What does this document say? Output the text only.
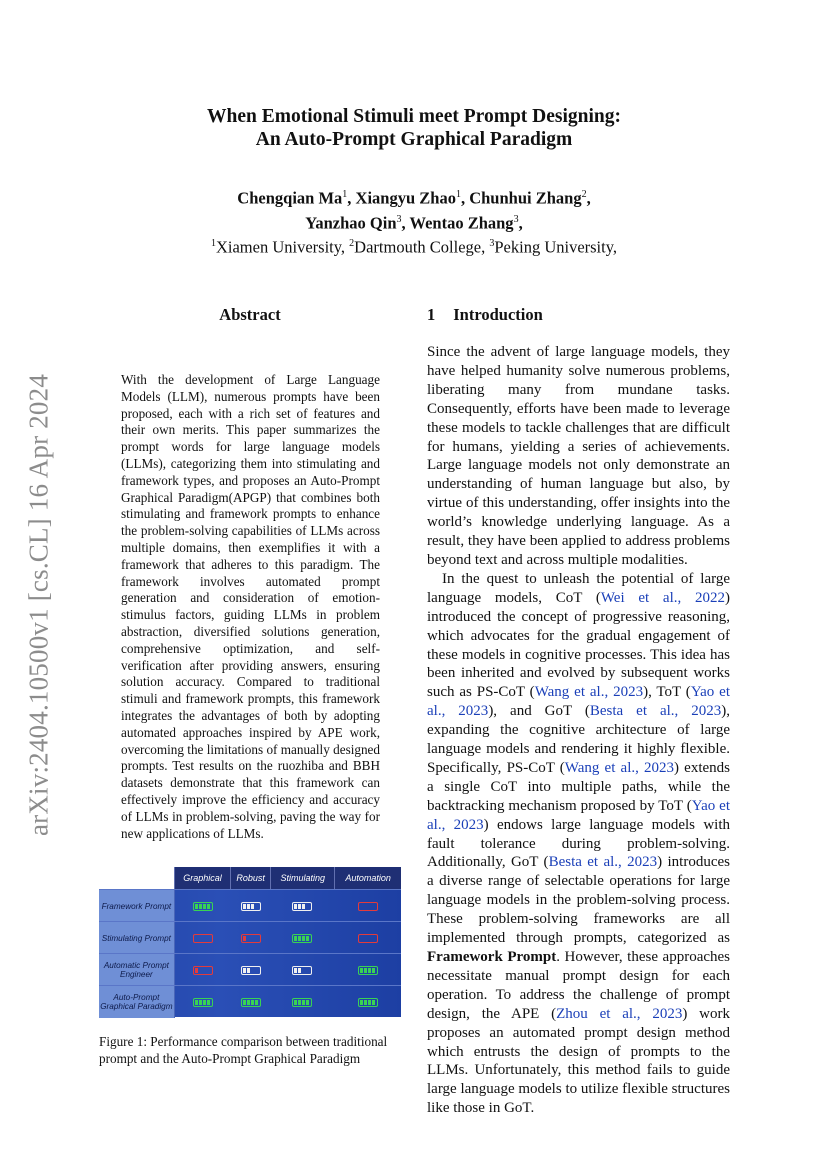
arXiv:2404.10500v1 [cs.CL] 16 Apr 2024
When Emotional Stimuli meet Prompt Designing:
An Auto-Prompt Graphical Paradigm
Chengqian Ma$^1$, Xiangyu Zhao$^1$, Chunhui Zhang$^2$,
Yanzhao Qin$^3$, Wentao Zhang$^3$,
$^1$Xiamen University, $^2$Dartmouth College, $^3$Peking University,
Abstract
With the development of Large Language Models (LLM), numerous prompts have been proposed, each with a rich set of features and their own merits. This paper summarizes the prompt words for large language models (LLMs), categorizing them into stimulating and framework types, and proposes an Auto-Prompt Graphical Paradigm(APGP) that combines both stimulating and framework prompts to enhance the problem-solving capabilities of LLMs across multiple domains, then exemplifies it with a framework that adheres to this paradigm. The framework involves automated prompt generation and consideration of emotion-stimulus factors, guiding LLMs in problem abstraction, diversified solutions generation, comprehensive optimization, and self-verification after providing answers, ensuring solution accuracy. Compared to traditional stimuli and framework prompts, this framework integrates the advantages of both by adopting automated approaches inspired by APE work, overcoming the limitations of manually designed prompts. Test results on the ruozhiba and BBH datasets demonstrate that this framework can effectively improve the efficiency and accuracy of LLMs in problem-solving, paving the way for new applications of LLMs.
Graphical	Robust	Stimulating	Automation
Framework Prompt
Stimulating Prompt
Automatic Prompt Engineer
Auto-Prompt Graphical Paradigm
Figure 1: Performance comparison between traditional prompt and the Auto-Prompt Graphical Paradigm
1 Introduction

Since the advent of large language models, they have helped humanity solve numerous problems, liberating many from mundane tasks. Consequently, efforts have been made to leverage these models to tackle challenges that are difficult for humans, yielding a series of achievements. Large language models not only demonstrate an understanding of human language but also, by virtue of this understanding, offer insights into the world’s knowledge underlying language. As a result, they have been applied to address problems beyond text and across multiple modalities.

In the quest to unleash the potential of large language models, CoT (Wei et al., 2022) introduced the concept of progressive reasoning, which advocates for the gradual engagement of these models in cognitive processes. This idea has been inherited and evolved by subsequent works such as PS-CoT (Wang et al., 2023), ToT (Yao et al., 2023), and GoT (Besta et al., 2023), expanding the cognitive architecture of large language models and rendering it highly flexible. Specifically, PS-CoT (Wang et al., 2023) extends a single CoT into multiple paths, while the backtracking mechanism proposed by ToT (Yao et al., 2023) endows large language models with fault tolerance during problem-solving. Additionally, GoT (Besta et al., 2023) introduces a diverse range of selectable operations for large language models in the problem-solving process. These problem-solving frameworks are all implemented through prompts, categorized as Framework Prompt. However, these approaches necessitate manual prompt design for each operation. To address the challenge of prompt design, the APE (Zhou et al., 2023) work proposes an automated prompt design method which entrusts the design of prompts to the LLMs. Unfortunately, this method fails to guide large language models to utilize flexible structures like those in GoT.
